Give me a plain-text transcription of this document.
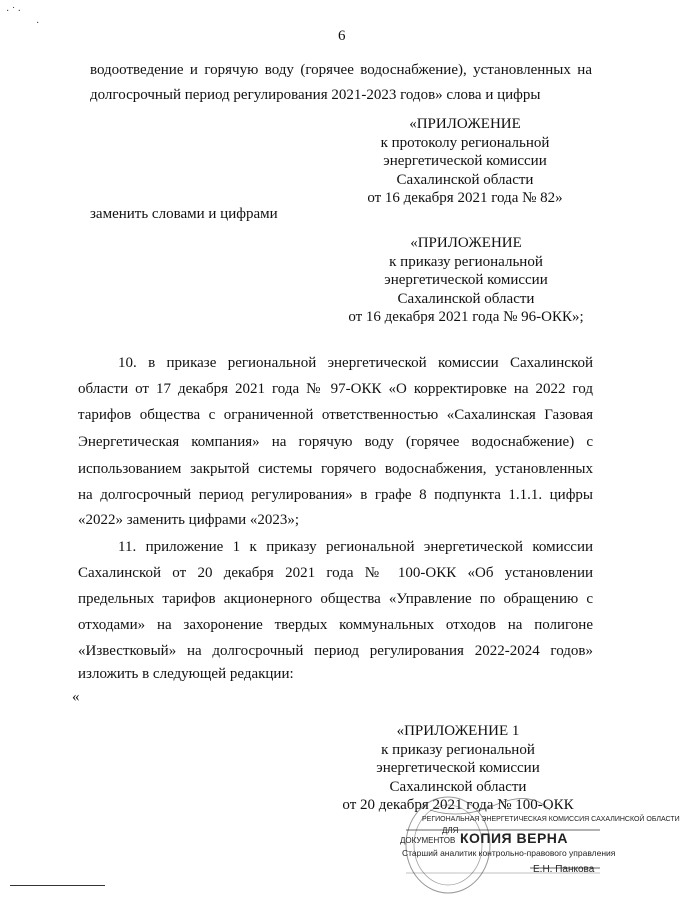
· ˙ ·
·
6
водоотведение и горячую воду (горячее водоснабжение), установленных на
долгосрочный период регулирования 2021-2023 годов» слова и цифры
«ПРИЛОЖЕНИЕ
к протоколу региональной
энергетической комиссии
Сахалинской области
от 16 декабря 2021 года № 82»
заменить словами и цифрами
«ПРИЛОЖЕНИЕ
к приказу региональной
энергетической комиссии
Сахалинской области
от 16 декабря 2021 года № 96-ОКК»;
10. в приказе региональной энергетической комиссии Сахалинской
области от 17 декабря 2021 года № 97-ОКК «О корректировке на 2022 год
тарифов общества с ограниченной ответственностью «Сахалинская Газовая
Энергетическая компания» на горячую воду (горячее водоснабжение) с
использованием закрытой системы горячего водоснабжения, установленных
на долгосрочный период регулирования» в графе 8 подпункта 1.1.1. цифры
«2022» заменить цифрами «2023»;
11. приложение 1 к приказу региональной энергетической комиссии
Сахалинской от 20 декабря 2021 года № 100-ОКК «Об установлении
предельных тарифов акционерного общества «Управление по обращению с
отходами» на захоронение твердых коммунальных отходов на полигоне
«Известковый» на долгосрочный период регулирования 2022-2024 годов»
изложить в следующей редакции:
«
«ПРИЛОЖЕНИЕ 1
к приказу региональной
энергетической комиссии
Сахалинской области
от 20 декабря 2021 года № 100-ОКК
РЕГИОНАЛЬНАЯ ЭНЕРГЕТИЧЕСКАЯ КОМИССИЯ САХАЛИНСКОЙ ОБЛАСТИ
ДЛЯ
ДОКУМЕНТОВ КОПИЯ ВЕРНА
Старший аналитик контрольно-правового управления
Е.Н. Панкова
